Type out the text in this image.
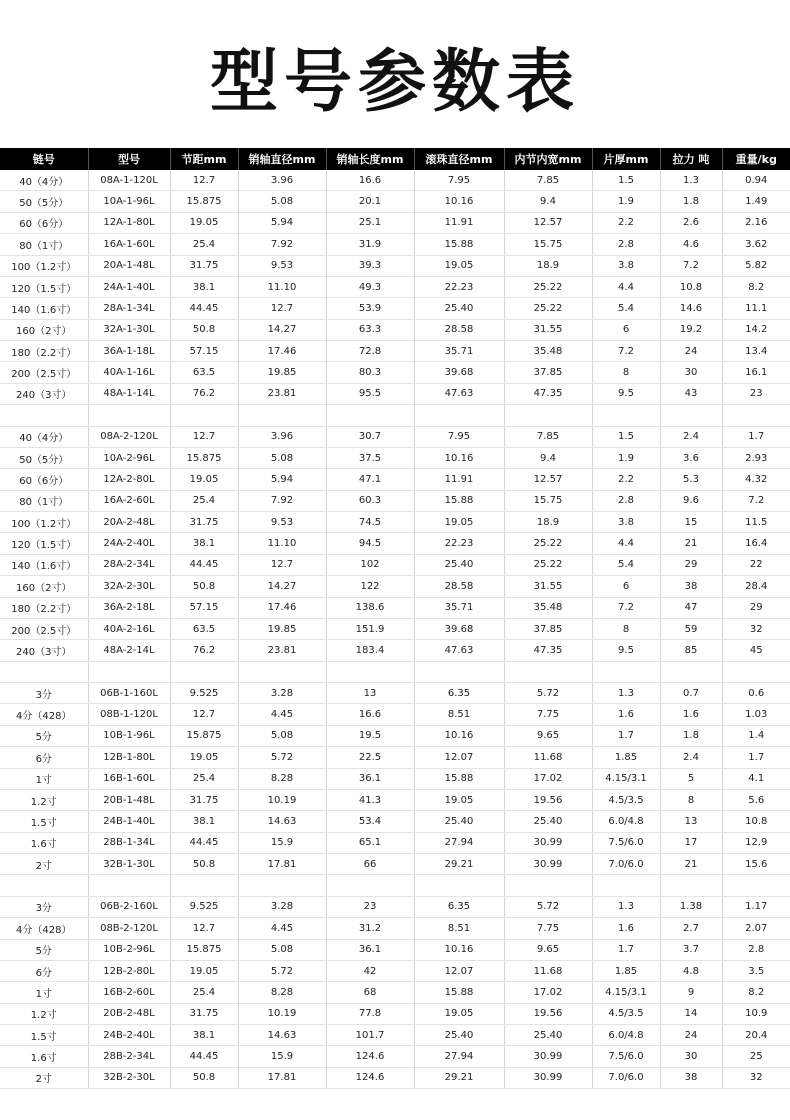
型号参数表
链号	型号	节距mm	销轴直径mm	销轴长度mm	滚珠直径mm	内节内宽mm	片厚mm	拉力 吨	重量/kg
40（4分）	08A-1-120L	12.7	3.96	16.6	7.95	7.85	1.5	1.3	0.94
50（5分）	10A-1-96L	15.875	5.08	20.1	10.16	9.4	1.9	1.8	1.49
60（6分）	12A-1-80L	19.05	5.94	25.1	11.91	12.57	2.2	2.6	2.16
80（1寸）	16A-1-60L	25.4	7.92	31.9	15.88	15.75	2.8	4.6	3.62
100（1.2寸）	20A-1-48L	31.75	9.53	39.3	19.05	18.9	3.8	7.2	5.82
120（1.5寸）	24A-1-40L	38.1	11.10	49.3	22.23	25.22	4.4	10.8	8.2
140（1.6寸）	28A-1-34L	44.45	12.7	53.9	25.40	25.22	5.4	14.6	11.1
160（2寸）	32A-1-30L	50.8	14.27	63.3	28.58	31.55	6	19.2	14.2
180（2.2寸）	36A-1-18L	57.15	17.46	72.8	35.71	35.48	7.2	24	13.4
200（2.5寸）	40A-1-16L	63.5	19.85	80.3	39.68	37.85	8	30	16.1
240（3寸）	48A-1-14L	76.2	23.81	95.5	47.63	47.35	9.5	43	23

40（4分）	08A-2-120L	12.7	3.96	30.7	7.95	7.85	1.5	2.4	1.7
50（5分）	10A-2-96L	15.875	5.08	37.5	10.16	9.4	1.9	3.6	2.93
60（6分）	12A-2-80L	19.05	5.94	47.1	11.91	12.57	2.2	5.3	4.32
80（1寸）	16A-2-60L	25.4	7.92	60.3	15.88	15.75	2.8	9.6	7.2
100（1.2寸）	20A-2-48L	31.75	9.53	74.5	19.05	18.9	3.8	15	11.5
120（1.5寸）	24A-2-40L	38.1	11.10	94.5	22.23	25.22	4.4	21	16.4
140（1.6寸）	28A-2-34L	44.45	12.7	102	25.40	25.22	5.4	29	22
160（2寸）	32A-2-30L	50.8	14.27	122	28.58	31.55	6	38	28.4
180（2.2寸）	36A-2-18L	57.15	17.46	138.6	35.71	35.48	7.2	47	29
200（2.5寸）	40A-2-16L	63.5	19.85	151.9	39.68	37.85	8	59	32
240（3寸）	48A-2-14L	76.2	23.81	183.4	47.63	47.35	9.5	85	45

3分	06B-1-160L	9.525	3.28	13	6.35	5.72	1.3	0.7	0.6
4分（428）	08B-1-120L	12.7	4.45	16.6	8.51	7.75	1.6	1.6	1.03
5分	10B-1-96L	15.875	5.08	19.5	10.16	9.65	1.7	1.8	1.4
6分	12B-1-80L	19.05	5.72	22.5	12.07	11.68	1.85	2.4	1.7
1寸	16B-1-60L	25.4	8.28	36.1	15.88	17.02	4.15/3.1	5	4.1
1.2寸	20B-1-48L	31.75	10.19	41.3	19.05	19.56	4.5/3.5	8	5.6
1.5寸	24B-1-40L	38.1	14.63	53.4	25.40	25.40	6.0/4.8	13	10.8
1.6寸	28B-1-34L	44.45	15.9	65.1	27.94	30.99	7.5/6.0	17	12.9
2寸	32B-1-30L	50.8	17.81	66	29.21	30.99	7.0/6.0	21	15.6

3分	06B-2-160L	9.525	3.28	23	6.35	5.72	1.3	1.38	1.17
4分（428）	08B-2-120L	12.7	4.45	31.2	8.51	7.75	1.6	2.7	2.07
5分	10B-2-96L	15.875	5.08	36.1	10.16	9.65	1.7	3.7	2.8
6分	12B-2-80L	19.05	5.72	42	12.07	11.68	1.85	4.8	3.5
1寸	16B-2-60L	25.4	8.28	68	15.88	17.02	4.15/3.1	9	8.2
1.2寸	20B-2-48L	31.75	10.19	77.8	19.05	19.56	4.5/3.5	14	10.9
1.5寸	24B-2-40L	38.1	14.63	101.7	25.40	25.40	6.0/4.8	24	20.4
1.6寸	28B-2-34L	44.45	15.9	124.6	27.94	30.99	7.5/6.0	30	25
2寸	32B-2-30L	50.8	17.81	124.6	29.21	30.99	7.0/6.0	38	32
